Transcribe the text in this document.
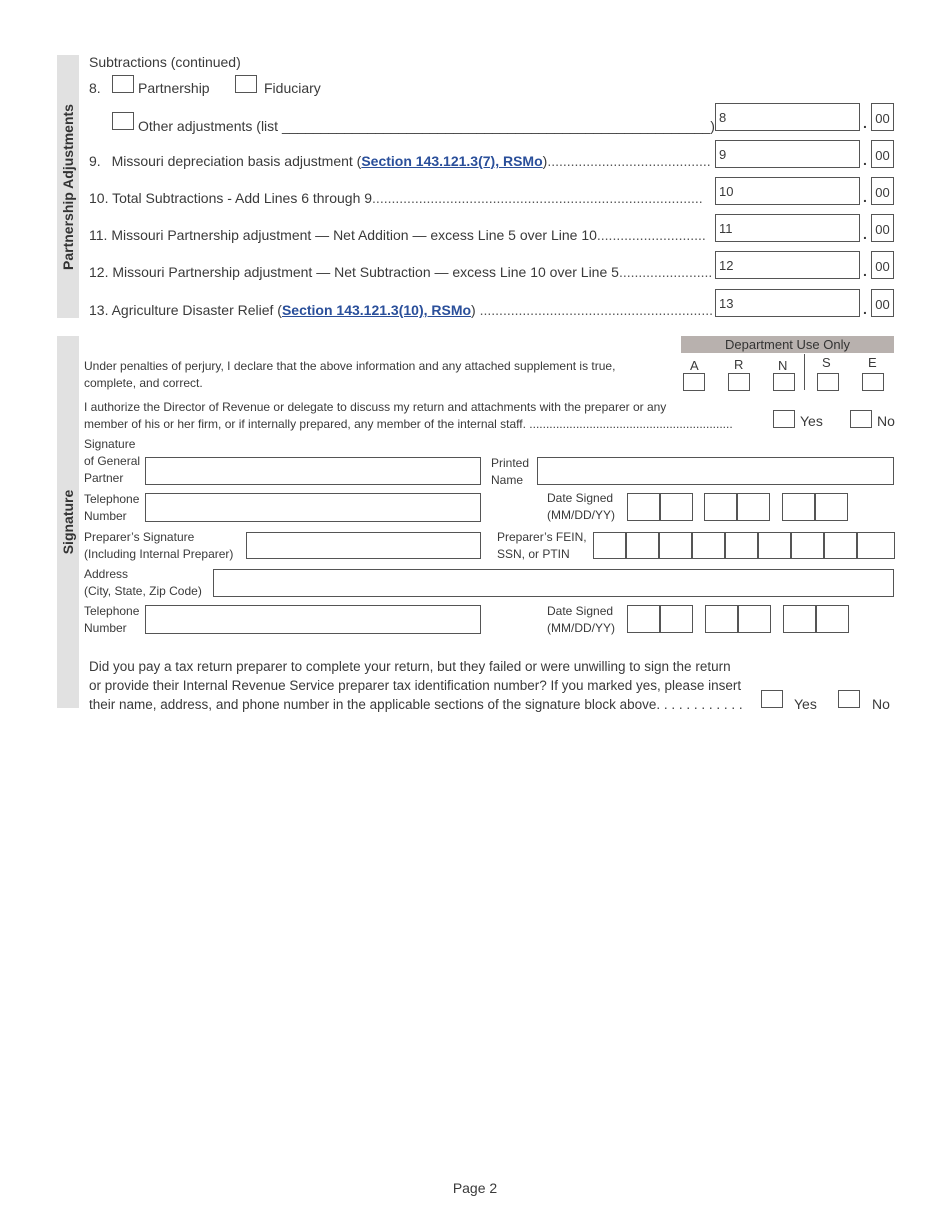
Partnership Adjustments
Signature
Subtractions (continued)
8.	Partnership	Fiduciary
Other adjustments (list _______________________________________________________)
8	. 00
9.  Missouri depreciation basis adjustment (Section 143.121.3(7), RSMo).......................................... 9	. 00
10. Total Subtractions - Add Lines 6 through 9..................................................................................... 10	. 00
11. Missouri Partnership adjustment — Net Addition — excess Line 5 over Line 10............................ 11	. 00
12. Missouri Partnership adjustment — Net Subtraction — excess Line 10 over Line 5........................ 12	. 00
13. Agriculture Disaster Relief (Section 143.121.3(10), RSMo) ............................................................ 13	. 00
Department Use Only
A	R	N	S	E
Under penalties of perjury, I declare that the above information and any attached supplement is true,
complete, and correct.
I authorize the Director of Revenue or delegate to discuss my return and attachments with the preparer or any
member of his or her firm, or if internally prepared, any member of the internal staff. .............................................................	Yes	No
Signature
of General
Partner
Printed
Name
Telephone
Number
Date Signed
(MM/DD/YY)
Preparer’s Signature
(Including Internal Preparer)
Preparer’s FEIN,
SSN, or PTIN
Address
(City, State, Zip Code)
Telephone
Number
Date Signed
(MM/DD/YY)
Did you pay a tax return preparer to complete your return, but they failed or were unwilling to sign the return
or provide their Internal Revenue Service preparer tax identification number? If you marked yes, please insert
their name, address, and phone number in the applicable sections of the signature block above. . . . . . . . . . . .	Yes	No
Page 2
